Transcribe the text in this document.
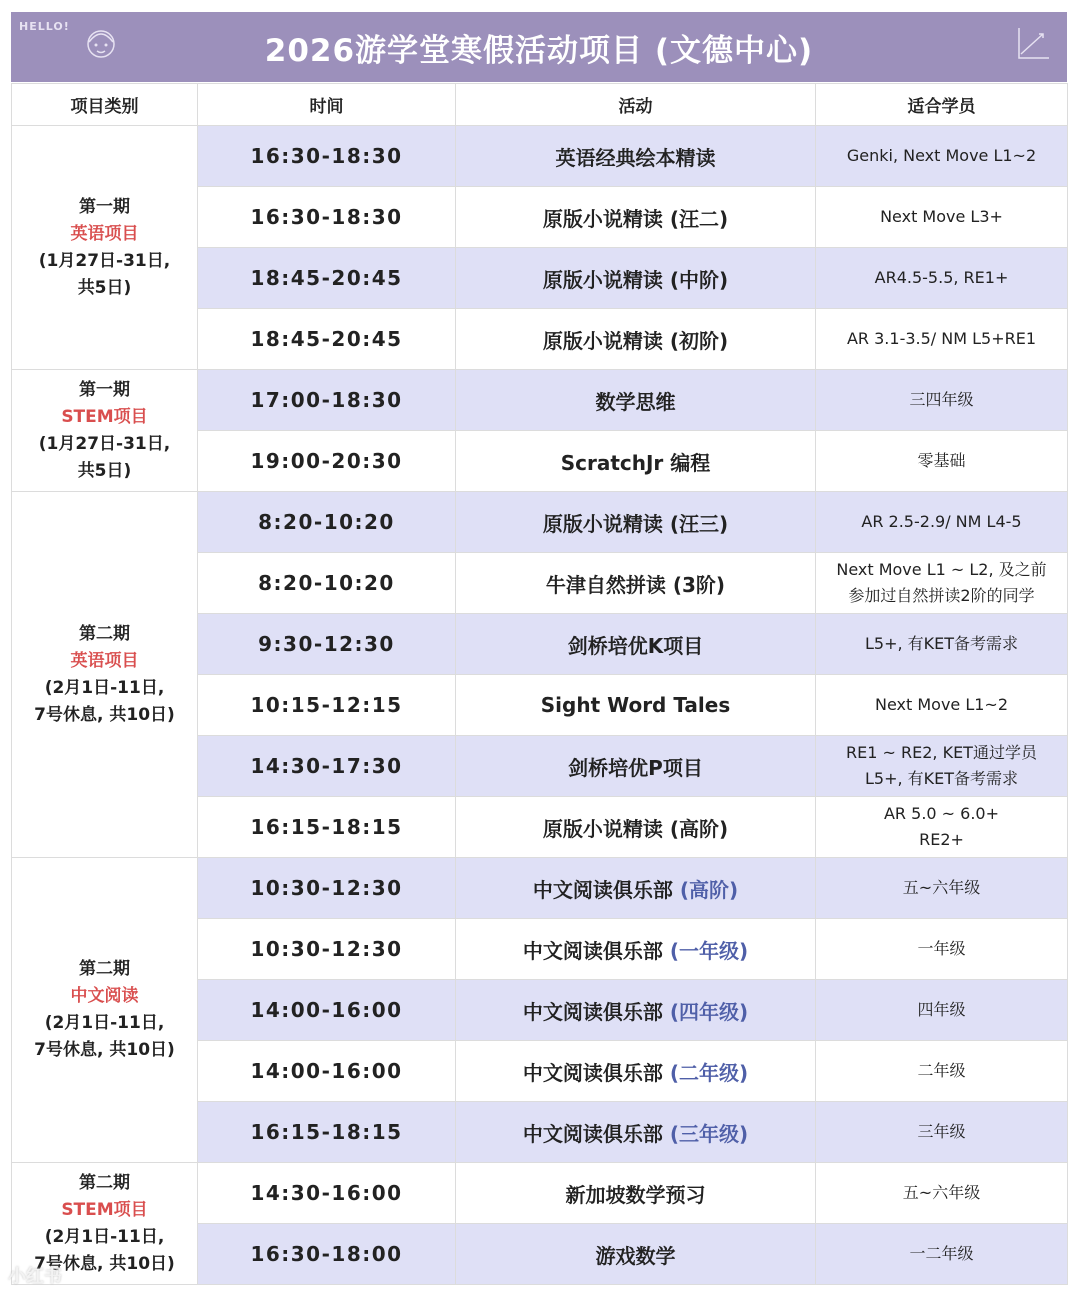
HELLO!
2026游学堂寒假活动项目 (文德中心)
项目类别	时间	活动	适合学员

第一期
英语项目
(1月27日-31日,
共5日)	16:30-18:30	英语经典绘本精读	Genki, Next Move L1~2

	16:30-18:30	原版小说精读 (汪二)	Next Move L3+

	18:45-20:45	原版小说精读 (中阶)	AR4.5-5.5, RE1+

	18:45-20:45	原版小说精读 (初阶)	AR 3.1-3.5/ NM L5+RE1

第一期
STEM项目
(1月27日-31日,
共5日)	17:00-18:30	数学思维	三四年级

	19:00-20:30	ScratchJr 编程	零基础

第二期
英语项目
(2月1日-11日,
7号休息, 共10日)	8:20-10:20	原版小说精读 (汪三)	AR 2.5-2.9/ NM L4-5

	8:20-10:20	牛津自然拼读 (3阶)	Next Move L1 ~ L2, 及之前
参加过自然拼读2阶的同学

	9:30-12:30	剑桥培优K项目	L5+, 有KET备考需求

	10:15-12:15	Sight Word Tales	Next Move L1~2

	14:30-17:30	剑桥培优P项目	RE1 ~ RE2, KET通过学员
L5+, 有KET备考需求

	16:15-18:15	原版小说精读 (高阶)	AR 5.0 ~ 6.0+
RE2+

第二期
中文阅读
(2月1日-11日,
7号休息, 共10日)	10:30-12:30	中文阅读俱乐部 (高阶)	五~六年级

	10:30-12:30	中文阅读俱乐部 (一年级)	一年级

	14:00-16:00	中文阅读俱乐部 (四年级)	四年级

	14:00-16:00	中文阅读俱乐部 (二年级)	二年级

	16:15-18:15	中文阅读俱乐部 (三年级)	三年级

第二期
STEM项目
(2月1日-11日,
7号休息, 共10日)	14:30-16:00	新加坡数学预习	五~六年级

	16:30-18:00	游戏数学	一二年级
小红书
